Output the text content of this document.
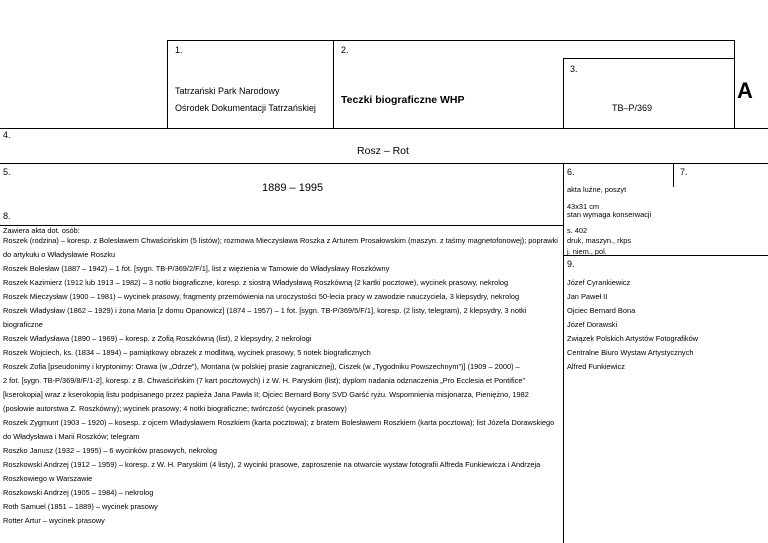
1.	2.
3.
Tatrzański Park Narodowy
Ośrodek Dokumentacji Tatrzańskiej
Teczki biograficzne WHP
TB–P/369
A
4.
Rosz – Rot
5.
1889 – 1995
6.	7.
akta luźne, poszyt
43x31 cm
stan wymaga konserwacji
s. 402
druk, maszyn., rkps
j. niem., pol.
8.
Zawiera akta dot. osób:
Roszek (rodzina) – koresp. z Bolesławem Chwaścińskim (5 listów); rozmowa Mieczysława Roszka z Arturem Prosałowskim (maszyn. z taśmy magnetofonowej); poprawki
do artykułu o Władysławie Roszku
Roszek Bolesław (1887 – 1942) – 1 fot. [sygn. TB-P/369/2/F/1], list z więzienia w Tarnowie do Władysławy Roszkówny
Roszek Kazimierz (1912 lub 1913 – 1982) – 3 notki biograficzne, koresp. z siostrą Władysławą Roszkówną (2 kartki pocztowe), wycinek prasowy, nekrolog
Roszek Mieczysław (1900 – 1981) – wycinek prasowy, fragmenty przemówienia na uroczystości 50-lecia pracy w zawodzie nauczyciela, 3 klepsydry, nekrolog
Roszek Władysław (1862 – 1929) i żona Maria [z domu Opanowicz] (1874 – 1957) – 1 fot. [sygn. TB-P/369/5/F/1], koresp. (2 listy, telegram), 2 klepsydry, 3 notki
biograficzne
Roszek Władysława (1890 – 1969) – koresp. z Zofią Roszkówną (list), 2 klepsydry, 2 nekrologi
Roszek Wojciech, ks. (1834 – 1894) – pamiątkowy obrazek z modlitwą, wycinek prasowy, 5 notek biograficznych
Roszek Zofia [pseudonimy i kryptonimy: Orawa (w „Odrze”), Montana (w polskiej prasie zagranicznej), Ciszek (w „Tygodniku Powszechnym”)] (1909 – 2000) –
2 fot. [sygn. TB-P/369/8/F/1-2], koresp. z B. Chwaścińskim (7 kart pocztowych) i z W. H. Paryskim (list); dyplom nadania odznaczenia „Pro Ecclesia et Pontifice”
[kserokopia] wraz z kserokopią listu podpisanego przez papieża Jana Pawła II; Ojciec Bernard Bony SVD Garść ryżu. Wspomnienia misjonarza, Pieniężno, 1982
(posłowie autorstwa Z. Roszkówny); wycinek prasowy; 4 notki biograficzne; twórczość (wycinek prasowy)
Roszek Zygmunt (1903 – 1920) – kosesp. z ojcem Władysławem Roszkiem (karta pocztowa); z bratem Bolesławem Roszkiem (karta pocztowa); list Józefa Dorawskiego
do Władysława i Marii Roszków; telegram
Roszko Janusz (1932 – 1995) – 6 wycinków prasowych, nekrolog
Roszkowski Andrzej (1912 – 1959) – koresp. z W. H. Paryskim (4 listy), 2 wycinki prasowe, zaproszenie na otwarcie wystaw fotografii Alfreda Funkiewicza i Andrzeja
Roszkowiego w Warszawie
Roszkowski Andrzej (1905 – 1984) – nekrolog
Roth Samuel (1851 – 1889) – wycinek prasowy
Rotter Artur – wycinek prasowy
9.
Józef Cyrankiewicz
Jan Paweł II
Ojciec Bernard Bona
Józef Dorawski
Związek Polskich Artystów Fotografików
Centralne Biuro Wystaw Artystycznych
Alfred Funkiewicz
